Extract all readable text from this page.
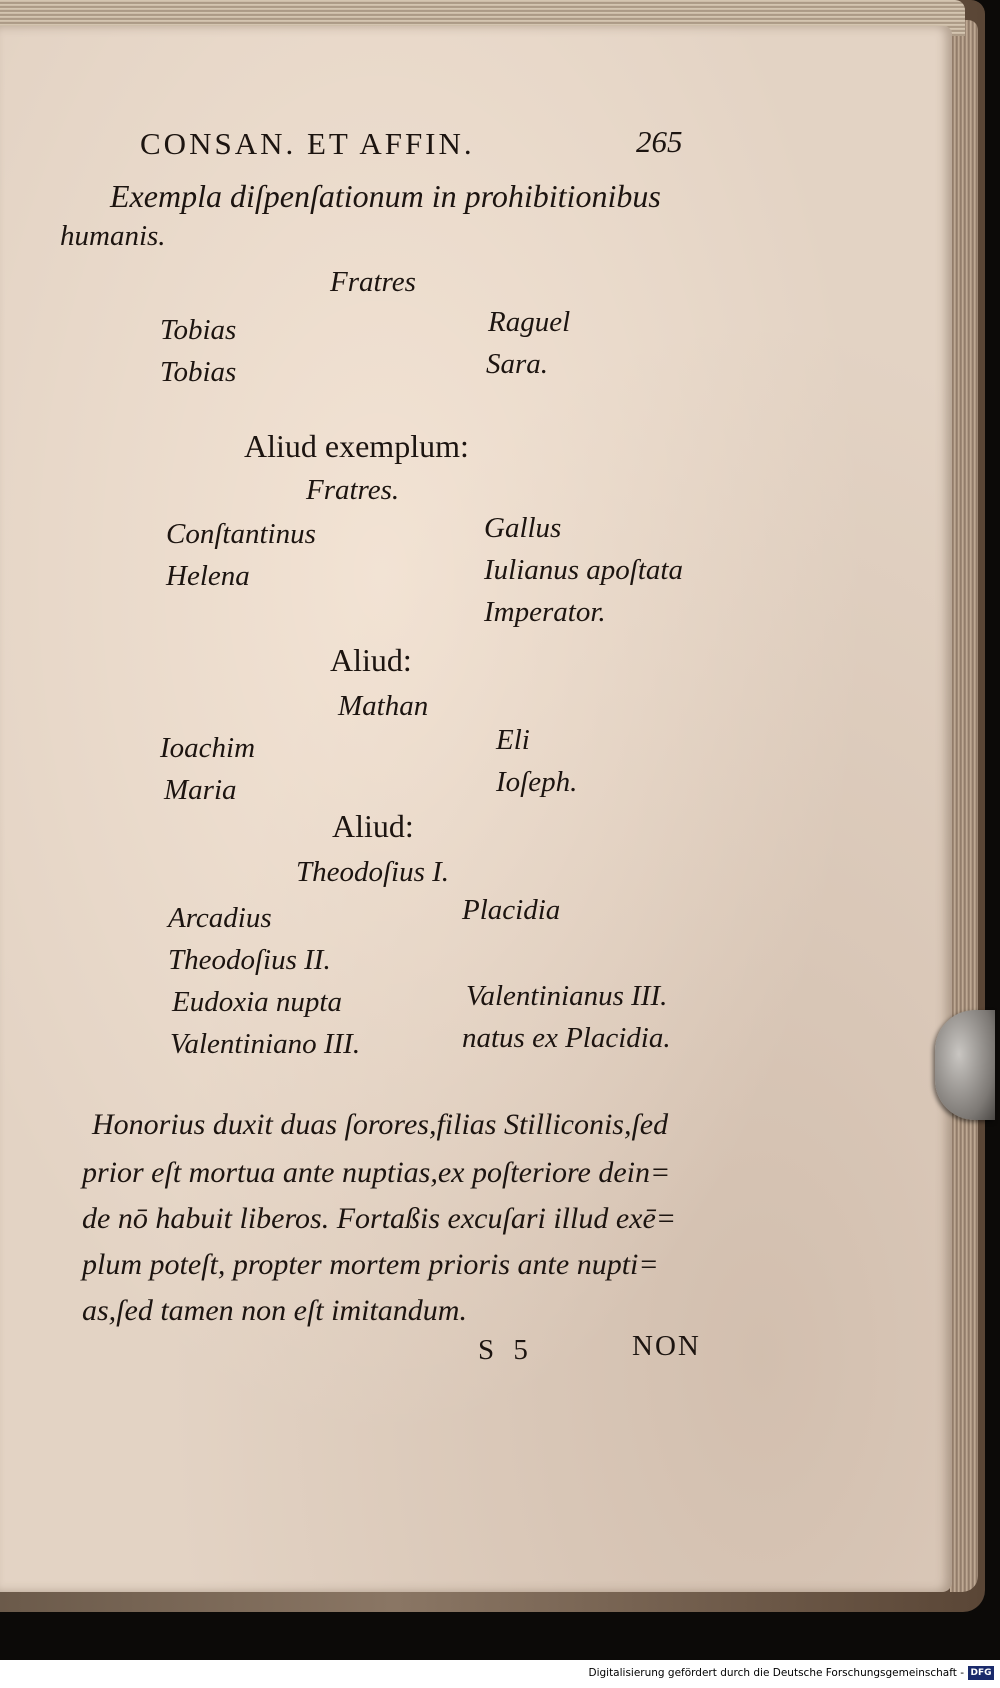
CONSAN. ET AFFIN.	265
Exempla diſpenſationum in prohibitionibus
humanis.
Fratres
Tobias
Tobias
Raguel
Sara.
Aliud exemplum:
Fratres.
Conſtantinus
Helena
Gallus
Iulianus apoſtata
Imperator.
Aliud:
Mathan
Ioachim
Maria
Eli
Ioſeph.
Aliud:
Theodoſius I.
Arcadius
Theodoſius II.
Eudoxia nupta
Valentiniano III.
Placidia
Valentinianus III.
natus ex Placidia.
Honorius duxit duas ſorores,filias Stilliconis,ſed
prior eſt mortua ante nuptias,ex poſteriore dein=
de nō habuit liberos. Fortaßis excuſari illud exē=
plum poteſt, propter mortem prioris ante nupti=
as,ſed tamen non eſt imitandum.
S 5	NON
Digitalisierung gefördert durch die Deutsche Forschungsgemeinschaft - DFG
